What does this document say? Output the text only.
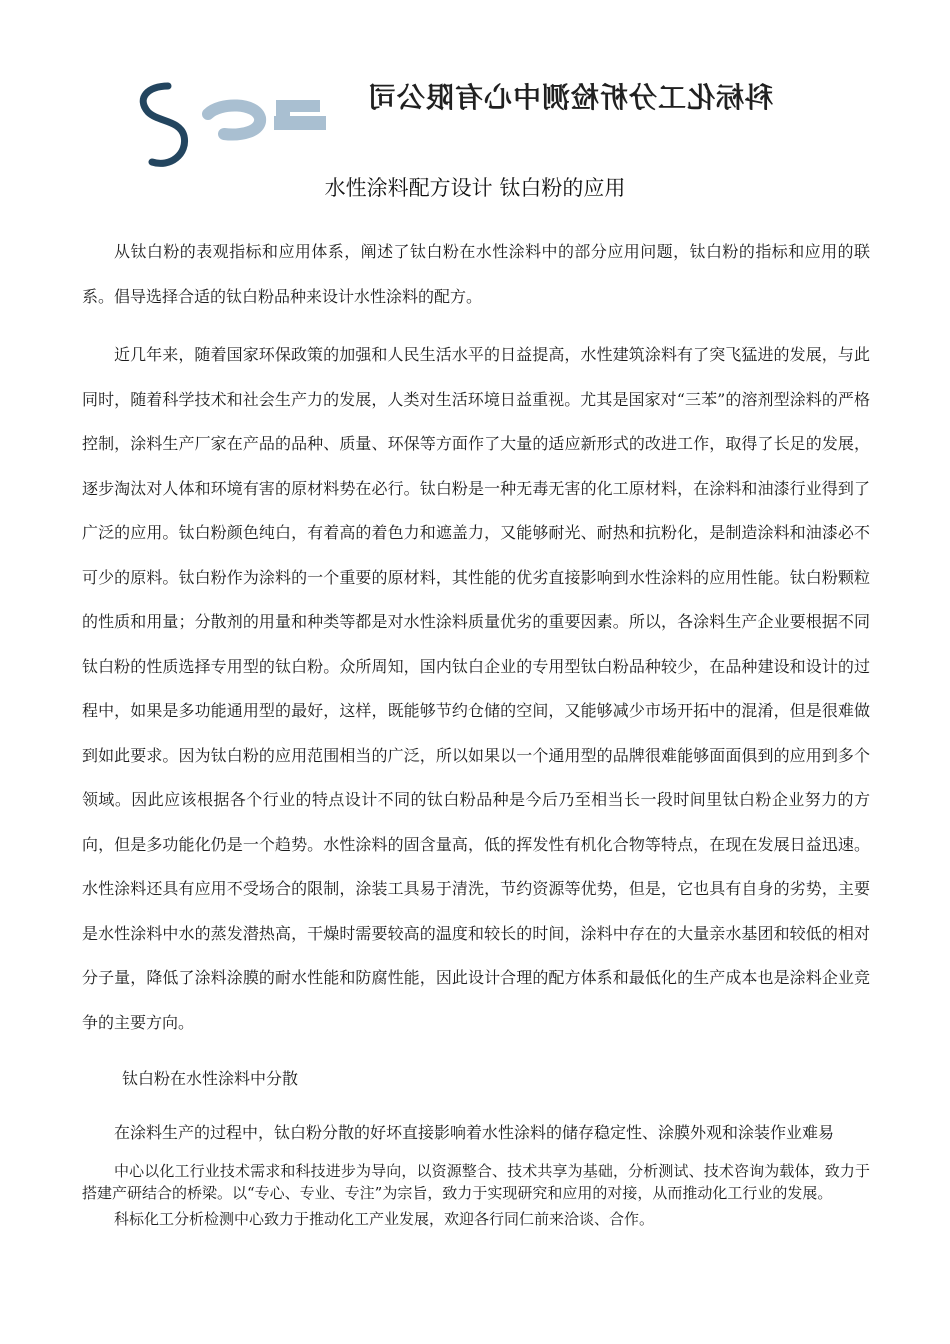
科标化工分析检测中心有限公司
水性涂料配方设计 钛白粉的应用

从钛白粉的表观指标和应用体系，阐述了钛白粉在水性涂料中的部分应用问题，钛白粉的指标和应用的联系。倡导选择合适的钛白粉品种来设计水性涂料的配方。

近几年来，随着国家环保政策的加强和人民生活水平的日益提高，水性建筑涂料有了突飞猛进的发展，与此同时，随着科学技术和社会生产力的发展，人类对生活环境日益重视。尤其是国家对“三苯”的溶剂型涂料的严格控制，涂料生产厂家在产品的品种、质量、环保等方面作了大量的适应新形式的改进工作，取得了长足的发展，逐步淘汰对人体和环境有害的原材料势在必行。钛白粉是一种无毒无害的化工原材料，在涂料和油漆行业得到了广泛的应用。钛白粉颜色纯白，有着高的着色力和遮盖力，又能够耐光、耐热和抗粉化，是制造涂料和油漆必不可少的原料。钛白粉作为涂料的一个重要的原材料，其性能的优劣直接影响到水性涂料的应用性能。钛白粉颗粒的性质和用量；分散剂的用量和种类等都是对水性涂料质量优劣的重要因素。所以，各涂料生产企业要根据不同钛白粉的性质选择专用型的钛白粉。众所周知，国内钛白企业的专用型钛白粉品种较少，在品种建设和设计的过程中，如果是多功能通用型的最好，这样，既能够节约仓储的空间，又能够减少市场开拓中的混淆，但是很难做到如此要求。因为钛白粉的应用范围相当的广泛，所以如果以一个通用型的品牌很难能够面面俱到的应用到多个领域。因此应该根据各个行业的特点设计不同的钛白粉品种是今后乃至相当长一段时间里钛白粉企业努力的方向，但是多功能化仍是一个趋势。水性涂料的固含量高，低的挥发性有机化合物等特点，在现在发展日益迅速。水性涂料还具有应用不受场合的限制，涂装工具易于清洗，节约资源等优势，但是，它也具有自身的劣势，主要是水性涂料中水的蒸发潜热高，干燥时需要较高的温度和较长的时间，涂料中存在的大量亲水基团和较低的相对分子量，降低了涂料涂膜的耐水性能和防腐性能，因此设计合理的配方体系和最低化的生产成本也是涂料企业竞争的主要方向。

钛白粉在水性涂料中分散

在涂料生产的过程中，钛白粉分散的好坏直接影响着水性涂料的储存稳定性、涂膜外观和涂装作业难易

中心以化工行业技术需求和科技进步为导向，以资源整合、技术共享为基础，分析测试、技术咨询为载体，致力于搭建产研结合的桥梁。以“专心、专业、专注”为宗旨，致力于实现研究和应用的对接，从而推动化工行业的发展。

科标化工分析检测中心致力于推动化工产业发展，欢迎各行同仁前来洽谈、合作。
